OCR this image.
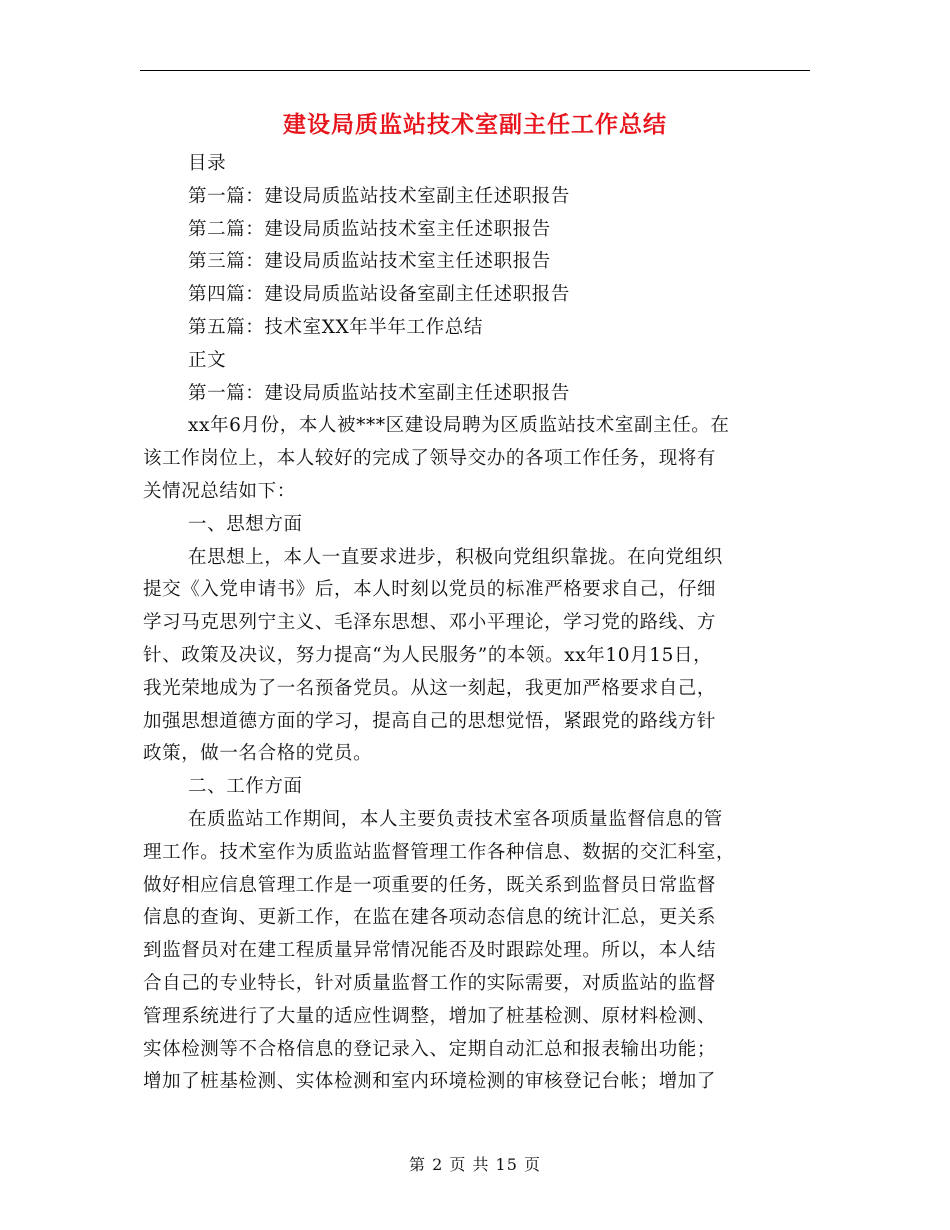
建设局质监站技术室副主任工作总结
目录
第一篇：建设局质监站技术室副主任述职报告
第二篇：建设局质监站技术室主任述职报告
第三篇：建设局质监站技术室主任述职报告
第四篇：建设局质监站设备室副主任述职报告
第五篇：技术室XX年半年工作总结
正文
第一篇：建设局质监站技术室副主任述职报告
xx年6月份，本人被***区建设局聘为区质监站技术室副主任。在
该工作岗位上，本人较好的完成了领导交办的各项工作任务，现将有
关情况总结如下：
一、思想方面
在思想上，本人一直要求进步，积极向党组织靠拢。在向党组织
提交《入党申请书》后，本人时刻以党员的标准严格要求自己，仔细
学习马克思列宁主义、毛泽东思想、邓小平理论，学习党的路线、方
针、政策及决议，努力提高“为人民服务”的本领。xx年10月15日，
我光荣地成为了一名预备党员。从这一刻起，我更加严格要求自己，
加强思想道德方面的学习，提高自己的思想觉悟，紧跟党的路线方针
政策，做一名合格的党员。
二、工作方面
在质监站工作期间，本人主要负责技术室各项质量监督信息的管
理工作。技术室作为质监站监督管理工作各种信息、数据的交汇科室，
做好相应信息管理工作是一项重要的任务，既关系到监督员日常监督
信息的查询、更新工作，在监在建各项动态信息的统计汇总，更关系
到监督员对在建工程质量异常情况能否及时跟踪处理。所以，本人结
合自己的专业特长，针对质量监督工作的实际需要，对质监站的监督
管理系统进行了大量的适应性调整，增加了桩基检测、原材料检测、
实体检测等不合格信息的登记录入、定期自动汇总和报表输出功能；
增加了桩基检测、实体检测和室内环境检测的审核登记台帐；增加了
第 2 页 共 15 页
